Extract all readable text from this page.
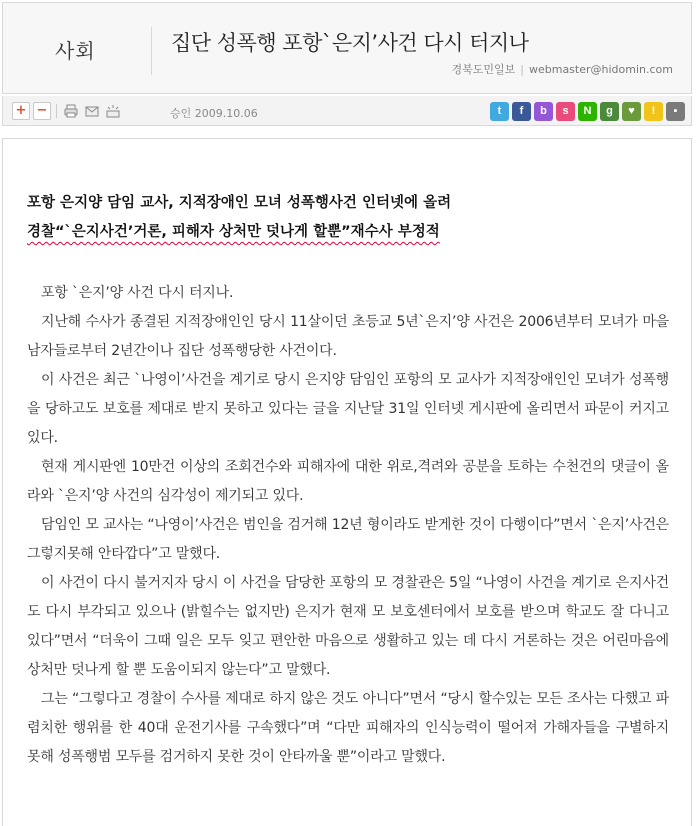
사회	집단 성폭행 포항`은지’사건 다시 터지나
경북도민일보 | webmaster@hidomin.com
+ −	승인 2009.10.06	t f b s N g ♥ ! ▪
포항 은지양 담임 교사, 지적장애인 모녀 성폭행사건 인터넷에 올려
경찰“`은지사건’거론, 피해자 상처만 덧나게 할뿐”재수사 부정적

포항 `은지’양 사건 다시 터지나.

지난해 수사가 종결된 지적장애인인 당시 11살이던 초등교 5년`은지’양 사건은 2006년부터 모녀가 마을 남자들로부터 2년간이나 집단 성폭행당한 사건이다.

이 사건은 최근 `나영이’사건을 계기로 당시 은지양 담임인 포항의 모 교사가 지적장애인인 모녀가 성폭행을 당하고도 보호를 제대로 받지 못하고 있다는 글을 지난달 31일 인터넷 게시판에 올리면서 파문이 커지고 있다.

현재 게시판엔 10만건 이상의 조회건수와 피해자에 대한 위로,격려와 공분을 토하는 수천건의 댓글이 올라와 `은지’양 사건의 심각성이 제기되고 있다.

담임인 모 교사는 “나영이’사건은 범인을 검거해 12년 형이라도 받게한 것이 다행이다”면서 `은지’사건은 그렇지못해 안타깝다”고 말했다.

이 사건이 다시 불거지자 당시 이 사건을 담당한 포항의 모 경찰관은 5일 “나영이 사건을 계기로 은지사건도 다시 부각되고 있으나 (밝힐수는 없지만) 은지가 현재 모 보호센터에서 보호를 받으며 학교도 잘 다니고 있다”면서 “더욱이 그때 일은 모두 잊고 편안한 마음으로 생활하고 있는 데 다시 거론하는 것은 어린마음에 상처만 덧나게 할 뿐 도움이되지 않는다”고 말했다.

그는 “그렇다고 경찰이 수사를 제대로 하지 않은 것도 아니다”면서 “당시 할수있는 모든 조사는 다했고 파렴치한 행위를 한 40대 운전기사를 구속했다”며 “다만 피해자의 인식능력이 떨어져 가해자들을 구별하지 못해 성폭행범 모두를 검거하지 못한 것이 안타까울 뿐”이라고 말했다.
